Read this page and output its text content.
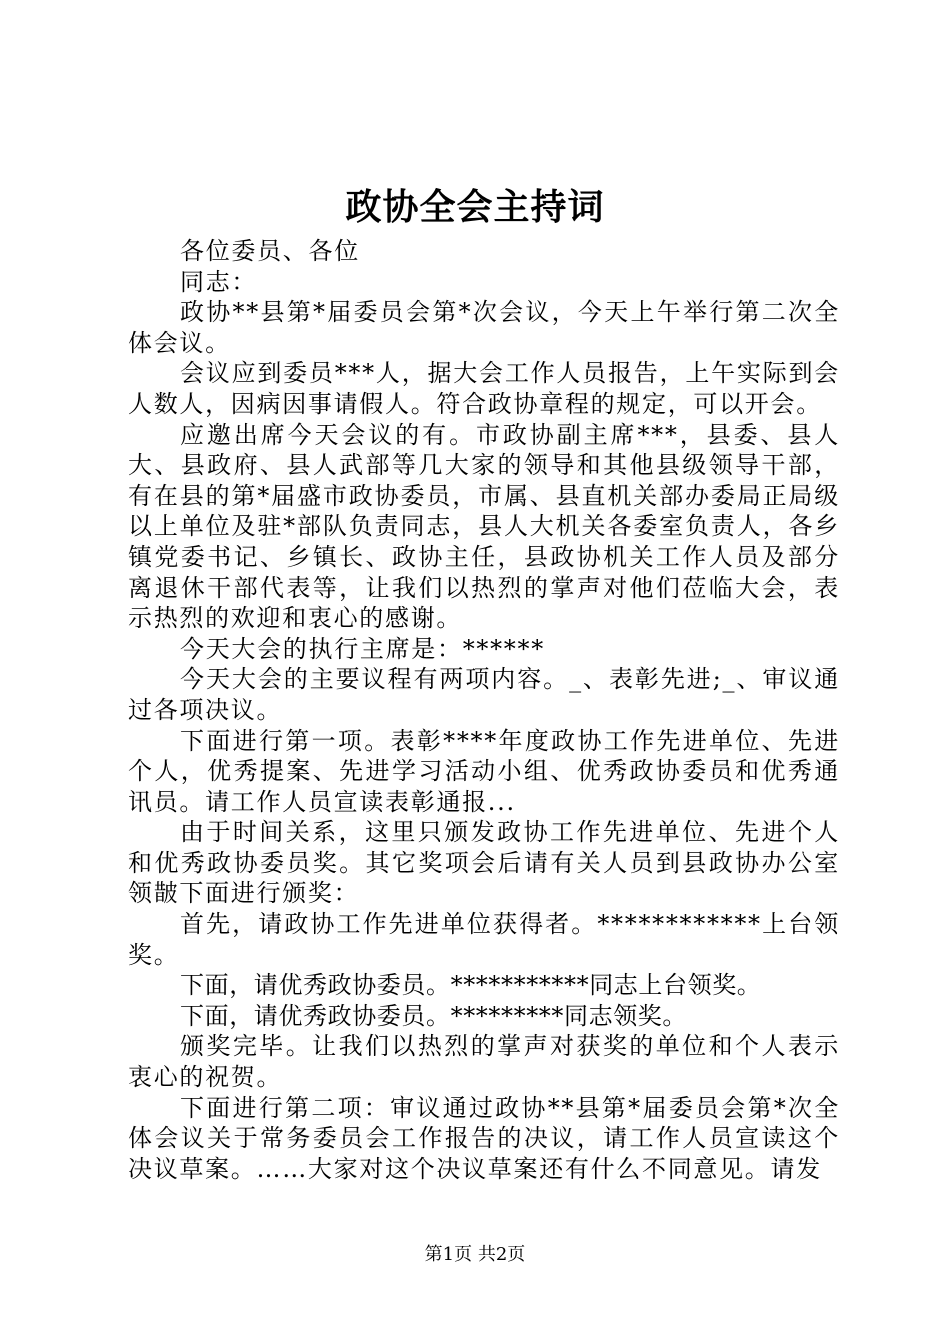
政协全会主持词

各位委员、各位

同志：

政协**县第*届委员会第*次会议，今天上午举行第二次全体会议。

会议应到委员***人，据大会工作人员报告，上午实际到会人数人，因病因事请假人。符合政协章程的规定，可以开会。

应邀出席今天会议的有。市政协副主席***，县委、县人大、县政府、县人武部等几大家的领导和其他县级领导干部，有在县的第*届盛市政协委员，市属、县直机关部办委局正局级以上单位及驻*部队负责同志，县人大机关各委室负责人，各乡镇党委书记、乡镇长、政协主任，县政协机关工作人员及部分离退休干部代表等，让我们以热烈的掌声对他们莅临大会，表示热烈的欢迎和衷心的感谢。

今天大会的执行主席是：******

今天大会的主要议程有两项内容。_、表彰先进;_、审议通过各项决议。

下面进行第一项。表彰****年度政协工作先进单位、先进个人，优秀提案、先进学习活动小组、优秀政协委员和优秀通讯员。请工作人员宣读表彰通报...

由于时间关系，这里只颁发政协工作先进单位、先进个人和优秀政协委员奖。其它奖项会后请有关人员到县政协办公室领皵下面进行颁奖：

首先，请政协工作先进单位获得者。************上台领奖。

下面，请优秀政协委员。***********同志上台领奖。

下面，请优秀政协委员。*********同志领奖。

颁奖完毕。让我们以热烈的掌声对获奖的单位和个人表示衷心的祝贺。

下面进行第二项：审议通过政协**县第*届委员会第*次全体会议关于常务委员会工作报告的决议，请工作人员宣读这个决议草案。……大家对这个决议草案还有什么不同意见。请发

第1页 共2页
